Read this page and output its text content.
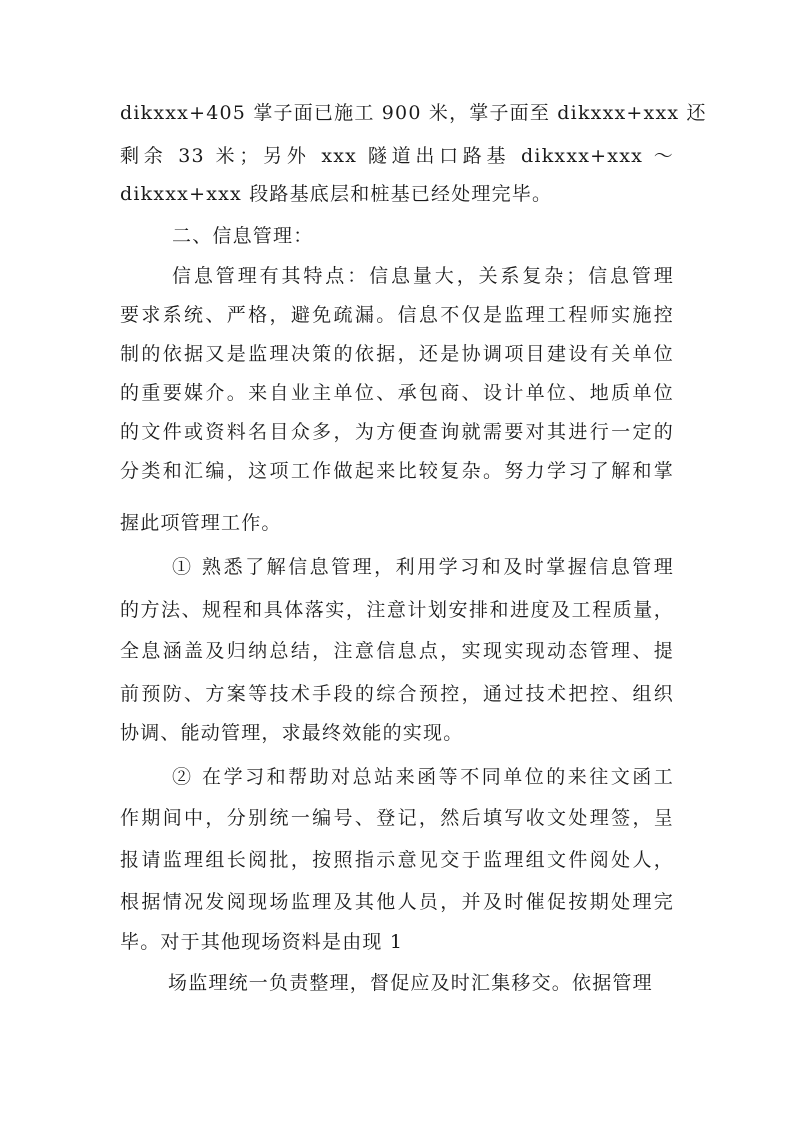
dikxxx+405 掌子面已施工 900 米，掌子面至 dikxxx+xxx 还
剩余 33 米；另外 xxx 隧道出口路基 dikxxx+xxx ～
dikxxx+xxx 段路基底层和桩基已经处理完毕。
二、信息管理：
信息管理有其特点：信息量大，关系复杂；信息管理
要求系统、严格，避免疏漏。信息不仅是监理工程师实施控
制的依据又是监理决策的依据，还是协调项目建设有关单位
的重要媒介。来自业主单位、承包商、设计单位、地质单位
的文件或资料名目众多，为方便查询就需要对其进行一定的
分类和汇编，这项工作做起来比较复杂。努力学习了解和掌
握此项管理工作。
① 熟悉了解信息管理，利用学习和及时掌握信息管理
的方法、规程和具体落实，注意计划安排和进度及工程质量，
全息涵盖及归纳总结，注意信息点，实现实现动态管理、提
前预防、方案等技术手段的综合预控，通过技术把控、组织
协调、能动管理，求最终效能的实现。
② 在学习和帮助对总站来函等不同单位的来往文函工
作期间中，分别统一编号、登记，然后填写收文处理签，呈
报请监理组长阅批，按照指示意见交于监理组文件阅处人，
根据情况发阅现场监理及其他人员，并及时催促按期处理完
毕。对于其他现场资料是由现 1
场监理统一负责整理，督促应及时汇集移交。依据管理
